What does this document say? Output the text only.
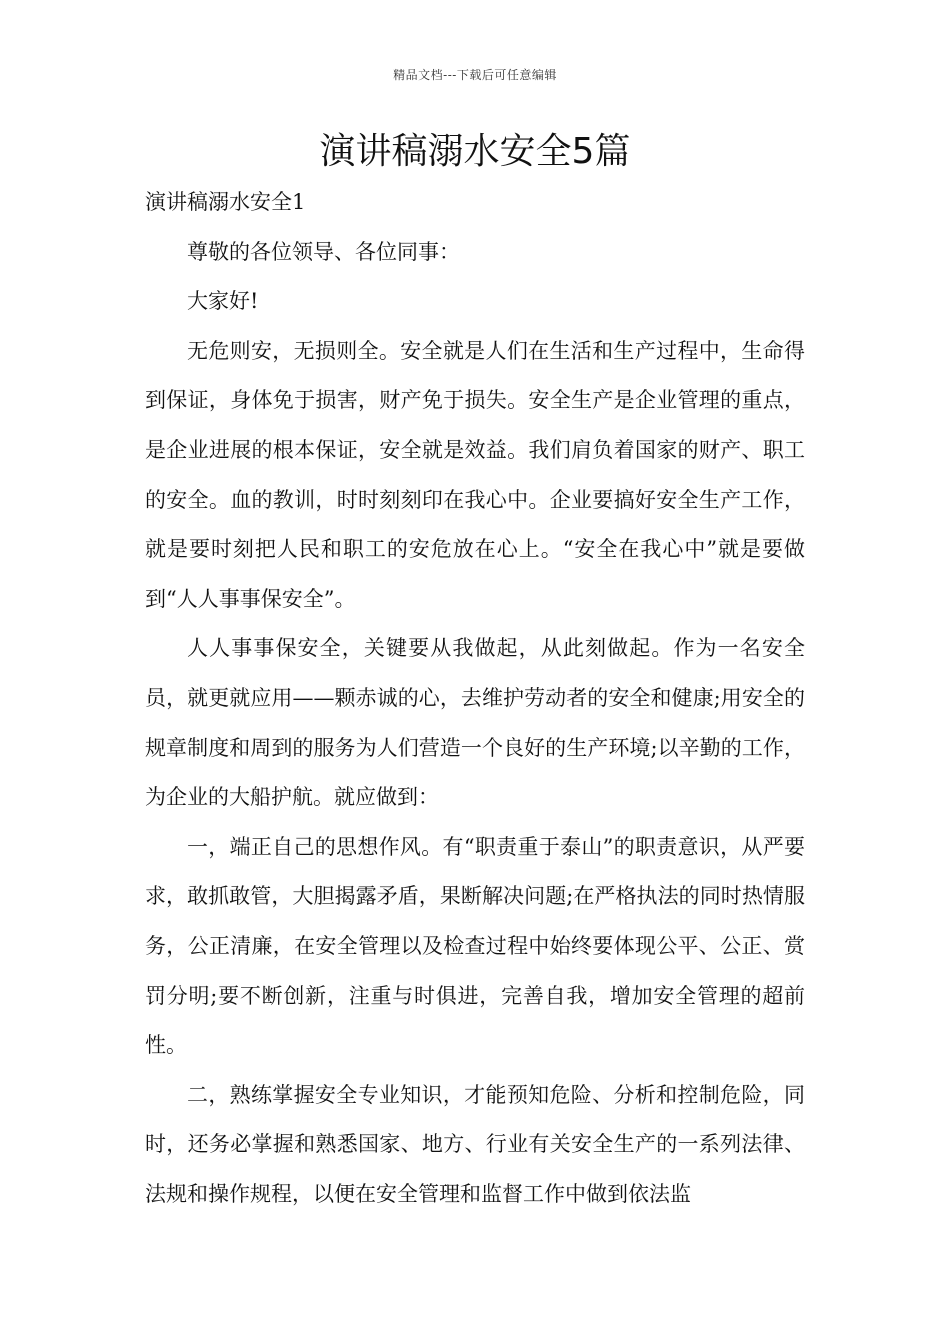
精品文档---下载后可任意编辑
演讲稿溺水安全5篇

演讲稿溺水安全1

尊敬的各位领导、各位同事：

大家好!

无危则安，无损则全。安全就是人们在生活和生产过程中，生命得到保证，身体免于损害，财产免于损失。安全生产是企业管理的重点，是企业进展的根本保证，安全就是效益。我们肩负着国家的财产、职工的安全。血的教训，时时刻刻印在我心中。企业要搞好安全生产工作，就是要时刻把人民和职工的安危放在心上。“安全在我心中”就是要做到“人人事事保安全”。

人人事事保安全，关键要从我做起，从此刻做起。作为一名安全员，就更就应用——颗赤诚的心，去维护劳动者的安全和健康;用安全的规章制度和周到的服务为人们营造一个良好的生产环境;以辛勤的工作，为企业的大船护航。就应做到：

一，端正自己的思想作风。有“职责重于泰山”的职责意识，从严要求，敢抓敢管，大胆揭露矛盾，果断解决问题;在严格执法的同时热情服务，公正清廉，在安全管理以及检查过程中始终要体现公平、公正、赏罚分明;要不断创新，注重与时俱进，完善自我，增加安全管理的超前性。

二，熟练掌握安全专业知识，才能预知危险、分析和控制危险，同时，还务必掌握和熟悉国家、地方、行业有关安全生产的一系列法律、法规和操作规程，以便在安全管理和监督工作中做到依法监
